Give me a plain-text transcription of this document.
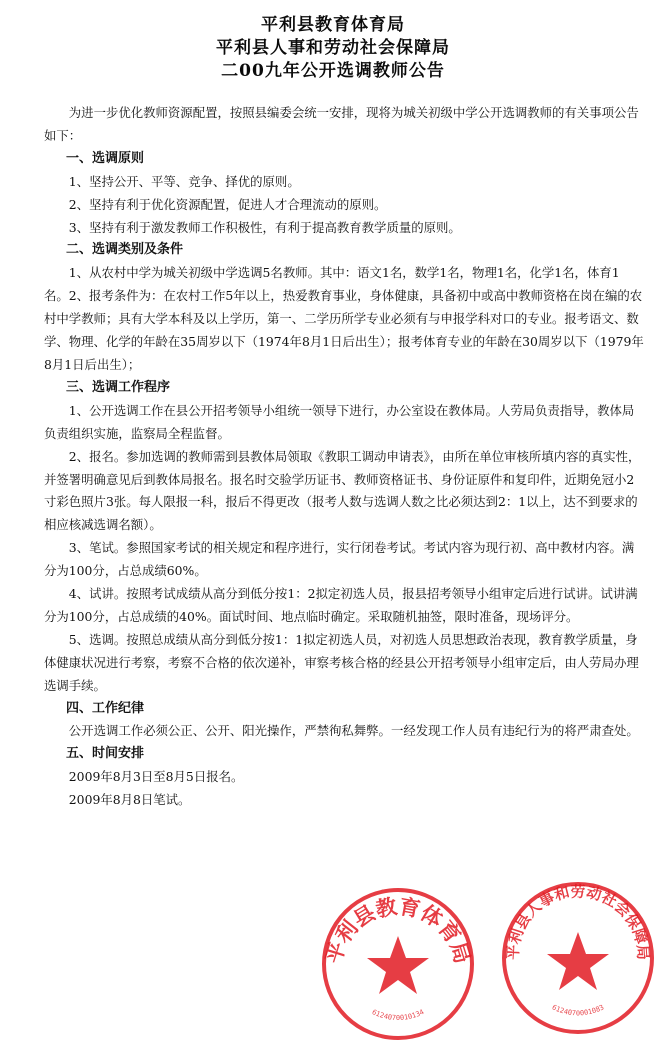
平利县教育体育局
平利县人事和劳动社会保障局
二00九年公开选调教师公告

为进一步优化教师资源配置，按照县编委会统一安排，现将为城关初级中学公开选调教师的有关事项公告如下：

一、选调原则

1、坚持公开、平等、竞争、择优的原则。

2、坚持有利于优化资源配置，促进人才合理流动的原则。

3、坚持有利于激发教师工作积极性，有利于提高教育教学质量的原则。

二、选调类别及条件

1、从农村中学为城关初级中学选调5名教师。其中：语文1名，数学1名，物理1名，化学1名，体育1名。2、报考条件为：在农村工作5年以上，热爱教育事业，身体健康，具备初中或高中教师资格在岗在编的农村中学教师；具有大学本科及以上学历，第一、二学历所学专业必须有与申报学科对口的专业。报考语文、数学、物理、化学的年龄在35周岁以下（1974年8月1日后出生）；报考体育专业的年龄在30周岁以下（1979年8月1日后出生）；

三、选调工作程序

1、公开选调工作在县公开招考领导小组统一领导下进行，办公室设在教体局。人劳局负责指导，教体局负责组织实施，监察局全程监督。

2、报名。参加选调的教师需到县教体局领取《教职工调动申请表》，由所在单位审核所填内容的真实性，并签署明确意见后到教体局报名。报名时交验学历证书、教师资格证书、身份证原件和复印件，近期免冠小2寸彩色照片3张。每人限报一科，报后不得更改（报考人数与选调人数之比必须达到2：1以上，达不到要求的相应核减选调名额）。

3、笔试。参照国家考试的相关规定和程序进行，实行闭卷考试。考试内容为现行初、高中教材内容。满分为100分，占总成绩60%。

4、试讲。按照考试成绩从高分到低分按1：2拟定初选人员，报县招考领导小组审定后进行试讲。试讲满分为100分，占总成绩的40%。面试时间、地点临时确定。采取随机抽签，限时准备，现场评分。

5、选调。按照总成绩从高分到低分按1：1拟定初选人员，对初选人员思想政治表现，教育教学质量，身体健康状况进行考察，考察不合格的依次递补，审察考核合格的经县公开招考领导小组审定后，由人劳局办理选调手续。

四、工作纪律

公开选调工作必须公正、公开、阳光操作，严禁徇私舞弊。一经发现工作人员有违纪行为的将严肃查处。

五、时间安排

2009年8月3日至8月5日报名。

2009年8月8日笔试。

平利县教育体育局
6124070010134
平利县人事和劳动社会保障局
6124070001083
